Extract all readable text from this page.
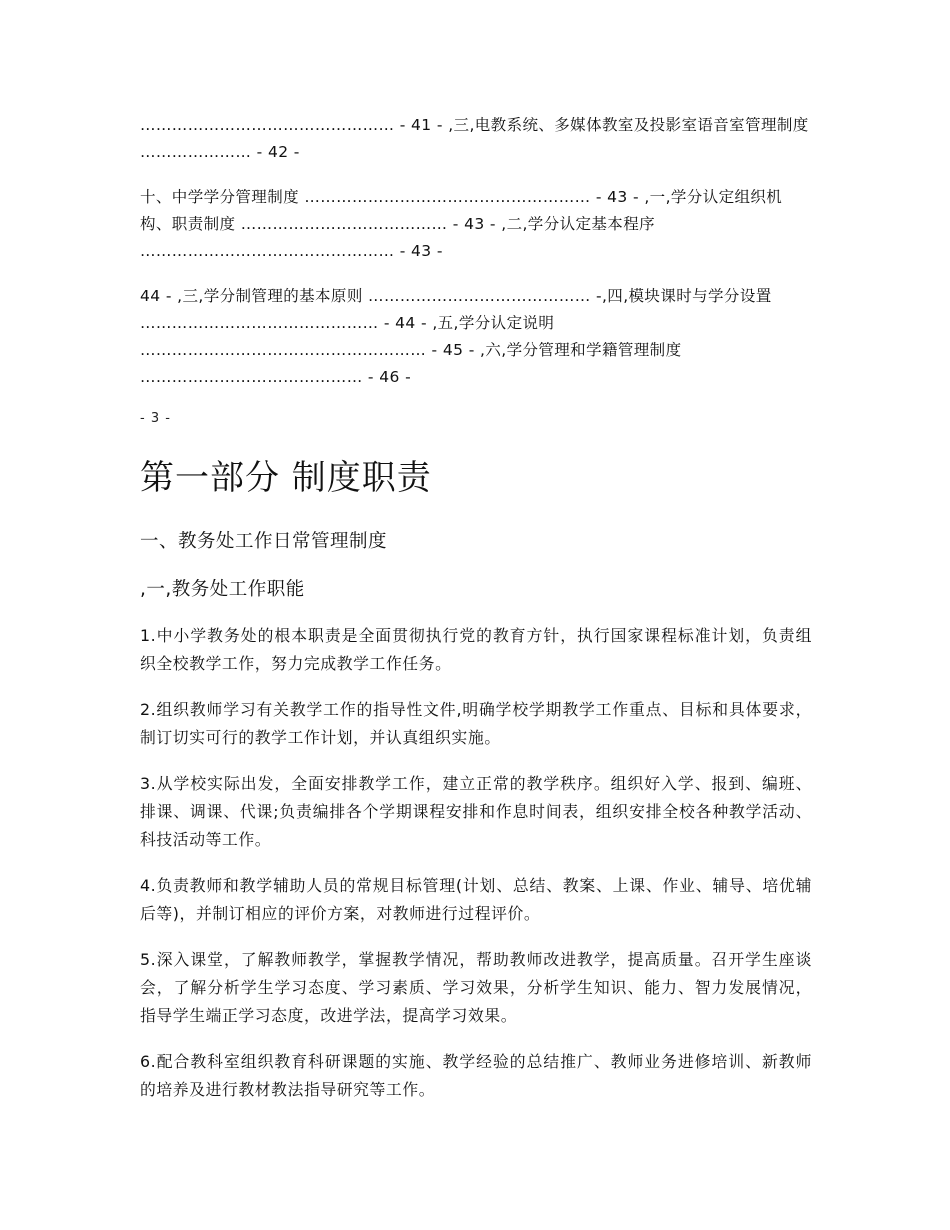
………………………………………… - 41 - ,三,电教系统、多媒体教室及投影室语音室管理制度 ………………… - 42 -

十、中学学分管理制度 ……………………………………………… - 43 - ,一,学分认定组织机构、职责制度 ………………………………… - 43 - ,二,学分认定基本程序 ………………………………………… - 43 -

44 - ,三,学分制管理的基本原则 …………………………………… -,四,模块课时与学分设置 ……………………………………… - 44 - ,五,学分认定说明 ……………………………………………… - 45 - ,六,学分管理和学籍管理制度 …………………………………… - 46 -

- 3 -
第一部分 制度职责
一、教务处工作日常管理制度
,一,教务处工作职能

1.中小学教务处的根本职责是全面贯彻执行党的教育方针，执行国家课程标准计划，负责组织全校教学工作，努力完成教学工作任务。

2.组织教师学习有关教学工作的指导性文件,明确学校学期教学工作重点、目标和具体要求，制订切实可行的教学工作计划，并认真组织实施。

3.从学校实际出发，全面安排教学工作，建立正常的教学秩序。组织好入学、报到、编班、排课、调课、代课;负责编排各个学期课程安排和作息时间表，组织安排全校各种教学活动、科技活动等工作。

4.负责教师和教学辅助人员的常规目标管理(计划、总结、教案、上课、作业、辅导、培优辅后等)，并制订相应的评价方案，对教师进行过程评价。

5.深入课堂，了解教师教学，掌握教学情况，帮助教师改进教学，提高质量。召开学生座谈会，了解分析学生学习态度、学习素质、学习效果，分析学生知识、能力、智力发展情况，指导学生端正学习态度，改进学法，提高学习效果。

6.配合教科室组织教育科研课题的实施、教学经验的总结推广、教师业务进修培训、新教师的培养及进行教材教法指导研究等工作。
